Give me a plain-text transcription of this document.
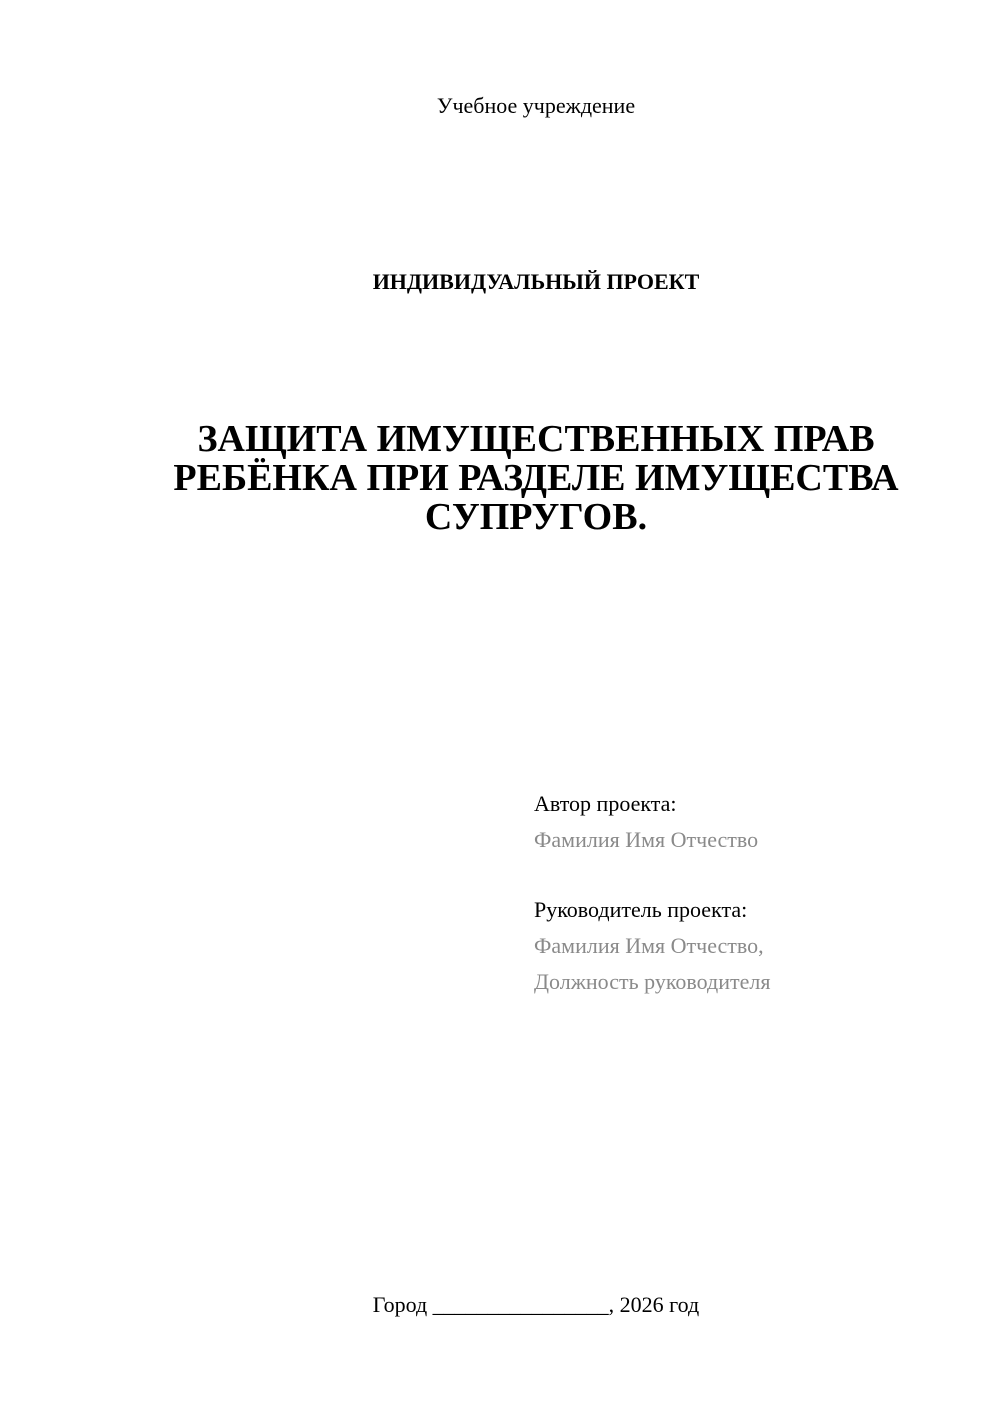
Учебное учреждение
ИНДИВИДУАЛЬНЫЙ ПРОЕКТ
ЗАЩИТА ИМУЩЕСТВЕННЫХ ПРАВ
РЕБЁНКА ПРИ РАЗДЕЛЕ ИМУЩЕСТВА
СУПРУГОВ.
Автор проекта:
Фамилия Имя Отчество
Руководитель проекта:
Фамилия Имя Отчество,
Должность руководителя
Город ________________, 2026 год
